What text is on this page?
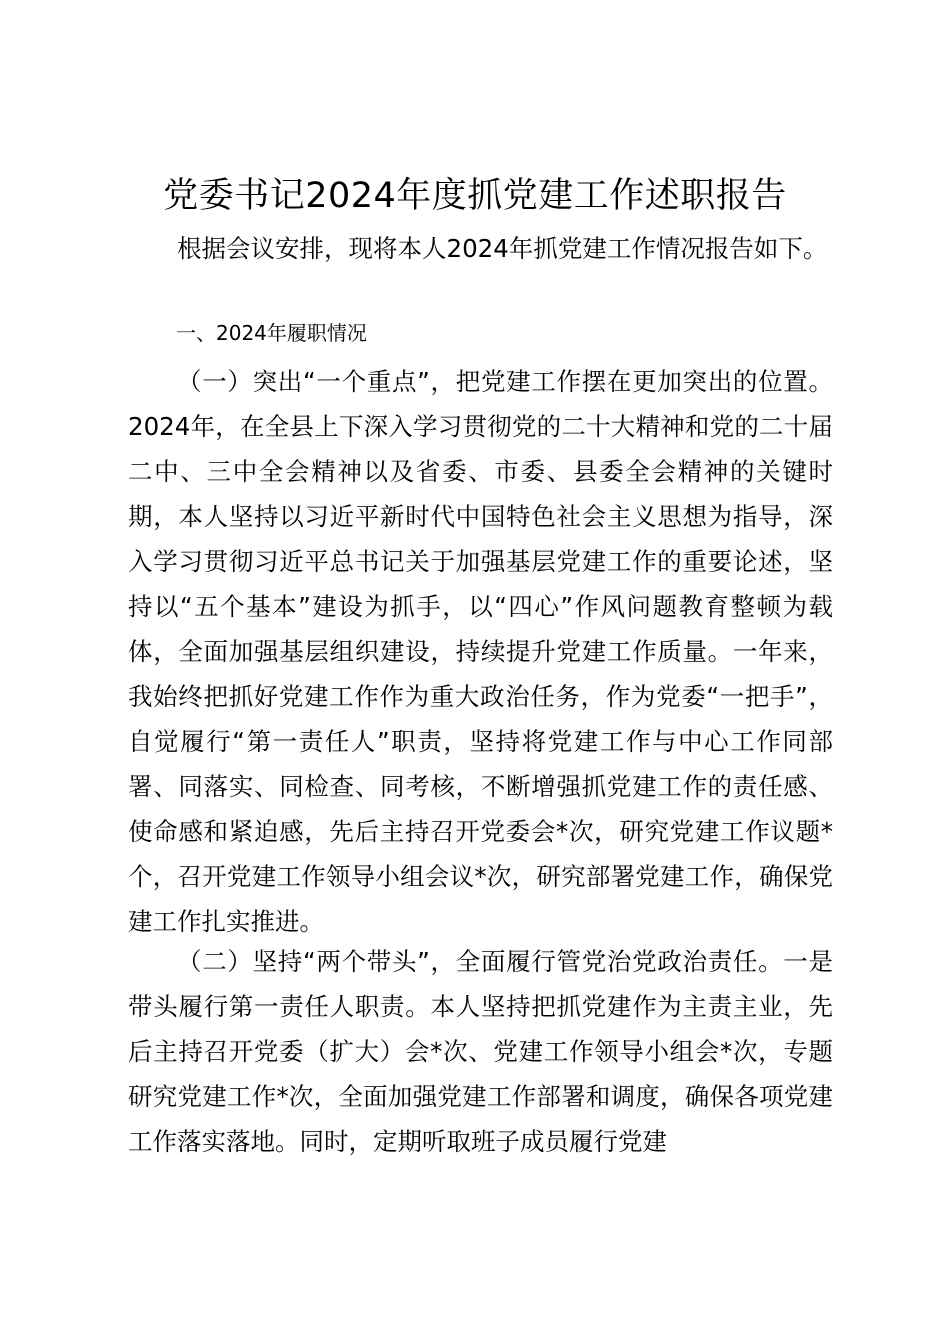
党委书记2024年度抓党建工作述职报告

根据会议安排，现将本人2024年抓党建工作情况报告如下。

一、2024年履职情况

（一）突出“一个重点”，把党建工作摆在更加突出的位置。2024年，在全县上下深入学习贯彻党的二十大精神和党的二十届二中、三中全会精神以及省委、市委、县委全会精神的关键时期，本人坚持以习近平新时代中国特色社会主义思想为指导，深入学习贯彻习近平总书记关于加强基层党建工作的重要论述，坚持以“五个基本”建设为抓手，以“四心”作风问题教育整顿为载体，全面加强基层组织建设，持续提升党建工作质量。一年来，我始终把抓好党建工作作为重大政治任务，作为党委“一把手”，自觉履行“第一责任人”职责，坚持将党建工作与中心工作同部署、同落实、同检查、同考核，不断增强抓党建工作的责任感、使命感和紧迫感，先后主持召开党委会*次，研究党建工作议题*个，召开党建工作领导小组会议*次，研究部署党建工作，确保党建工作扎实推进。

（二）坚持“两个带头”，全面履行管党治党政治责任。一是带头履行第一责任人职责。本人坚持把抓党建作为主责主业，先后主持召开党委（扩大）会*次、党建工作领导小组会*次，专题研究党建工作*次，全面加强党建工作部署和调度，确保各项党建工作落实落地。同时，定期听取班子成员履行党建
